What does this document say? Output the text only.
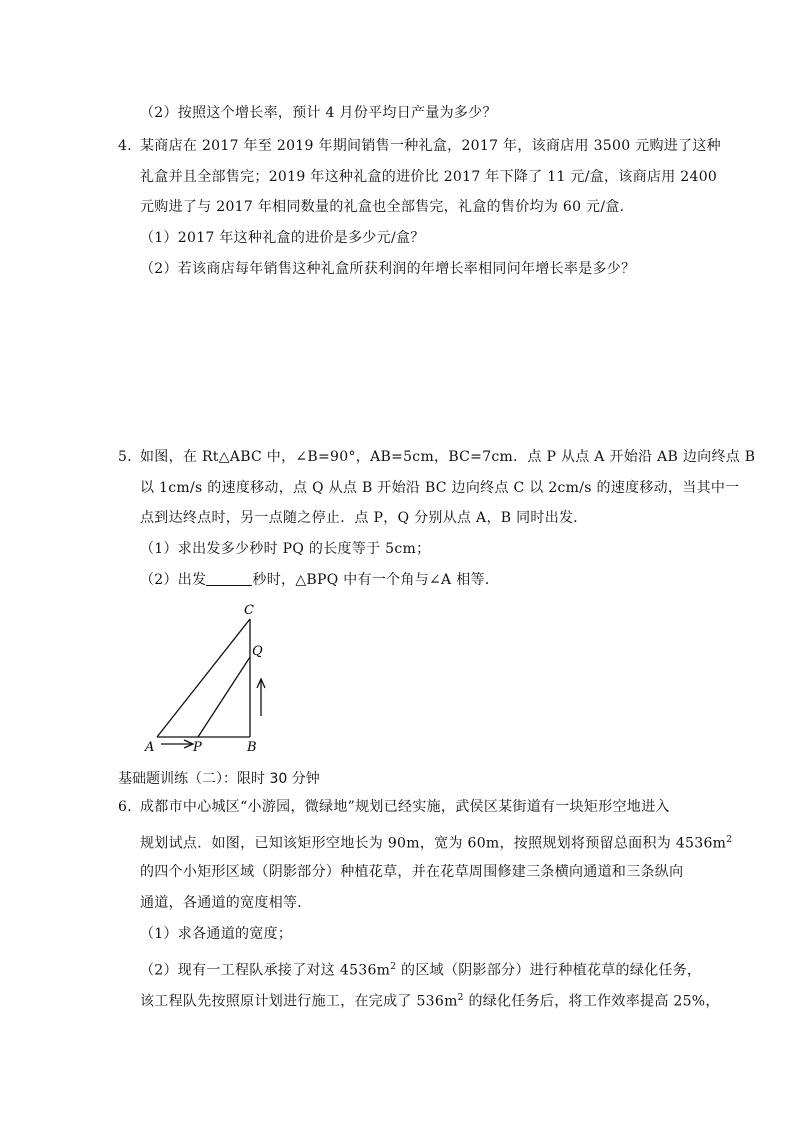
（2）按照这个增长率，预计 4 月份平均日产量为多少？
4．
某商店在 2017 年至 2019 年期间销售一种礼盒，2017 年，该商店用 3500 元购进了这种
礼盒并且全部售完；2019 年这种礼盒的进价比 2017 年下降了 11 元/盒，该商店用 2400
元购进了与 2017 年相同数量的礼盒也全部售完，礼盒的售价均为 60 元/盒．
（1）2017 年这种礼盒的进价是多少元/盒？
（2）若该商店每年销售这种礼盒所获利润的年增长率相同问年增长率是多少？
5．
如图，在 Rt△ABC 中，∠B=90°，AB=5cm，BC=7cm．点 P 从点 A 开始沿 AB 边向终点 B
以 1cm/s 的速度移动，点 Q 从点 B 开始沿 BC 边向终点 C 以 2cm/s 的速度移动，当其中一
点到达终点时，另一点随之停止．点 P，Q 分别从点 A，B 同时出发．
（1）求出发多少秒时 PQ 的长度等于 5cm；
（2）出发	秒时，△BPQ 中有一个角与∠A 相等．
C
Q
A	P	B
基础题训练（二）：限时 30 分钟
6．
成都市中心城区“小游园，微绿地”规划已经实施，武侯区某街道有一块矩形空地进入
规划试点．如图，已知该矩形空地长为 90m，宽为 60m，按照规划将预留总面积为 $4536m^2$
的四个小矩形区域（阴影部分）种植花草，并在花草周围修建三条横向通道和三条纵向
通道，各通道的宽度相等．
（1）求各通道的宽度；
（2）现有一工程队承接了对这 $4536m^2$ 的区域（阴影部分）进行种植花草的绿化任务，
该工程队先按照原计划进行施工，在完成了 $536m^2$ 的绿化任务后，将工作效率提高 25%，
